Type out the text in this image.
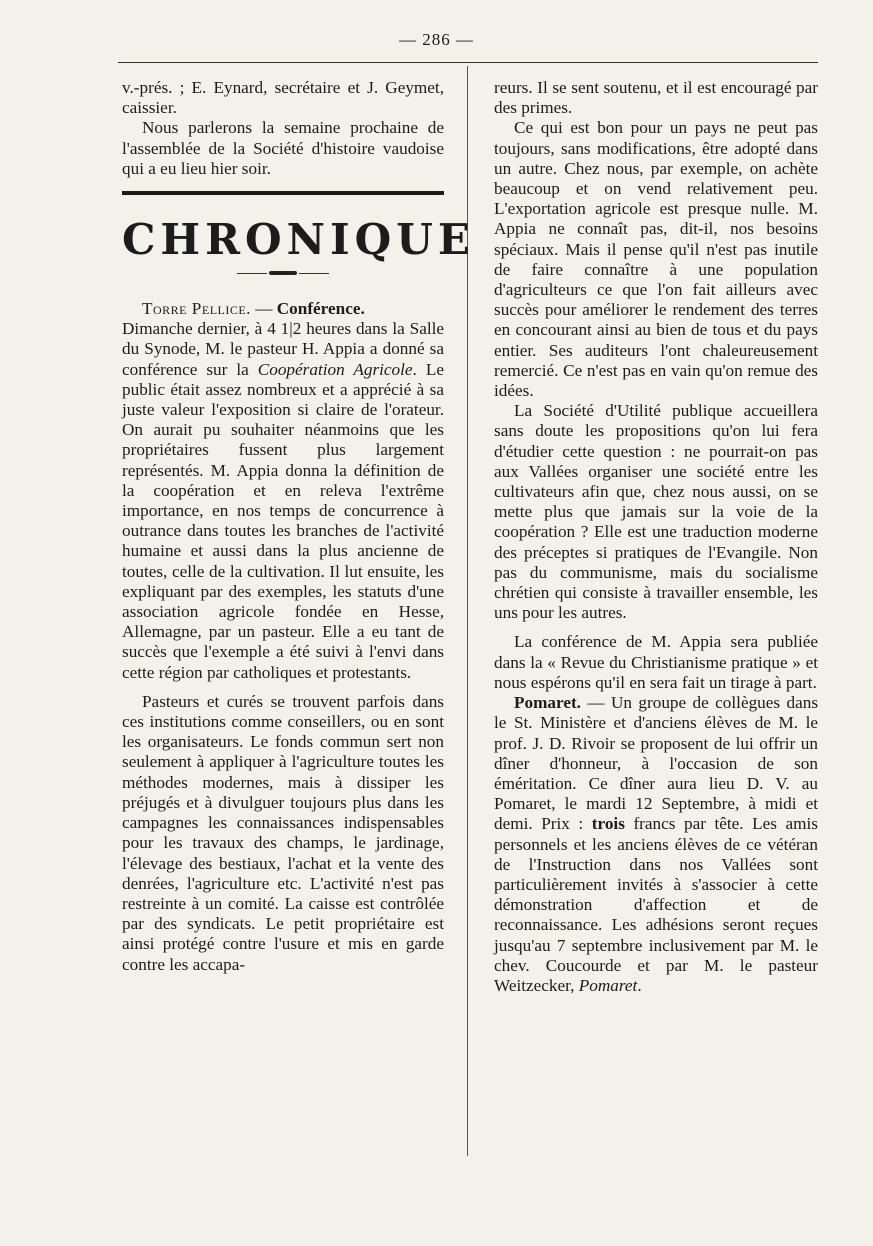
— 286 —

v.-prés. ; E. Eynard, secrétaire et J. Geymet, caissier.

Nous parlerons la semaine prochaine de l'assemblée de la Société d'histoire vaudoise qui a eu lieu hier soir.

CHRONIQUE

Torre Pellice. — Conférence.
Dimanche dernier, à 4 1|2 heures dans la Salle du Synode, M. le pasteur H. Appia a donné sa conférence sur la Coopération Agricole. Le public était assez nombreux et a apprécié à sa juste valeur l'exposition si claire de l'orateur. On aurait pu souhaiter néanmoins que les propriétaires fussent plus largement représentés. M. Appia donna la définition de la coopération et en releva l'extrême importance, en nos temps de concurrence à outrance dans toutes les branches de l'activité humaine et aussi dans la plus ancienne de toutes, celle de la cultivation. Il lut ensuite, les expliquant par des exemples, les statuts d'une association agricole fondée en Hesse, Allemagne, par un pasteur. Elle a eu tant de succès que l'exemple a été suivi à l'envi dans cette région par catholiques et protestants.

Pasteurs et curés se trouvent parfois dans ces institutions comme conseillers, ou en sont les organisateurs. Le fonds commun sert non seulement à appliquer à l'agriculture toutes les méthodes modernes, mais à dissiper les préjugés et à divulguer toujours plus dans les campagnes les connaissances indispensables pour les travaux des champs, le jardinage, l'élevage des bestiaux, l'achat et la vente des denrées, l'agriculture etc. L'activité n'est pas restreinte à un comité. La caisse est contrôlée par des syndicats. Le petit propriétaire est ainsi protégé contre l'usure et mis en garde contre les accapa-

reurs. Il se sent soutenu, et il est encouragé par des primes.

Ce qui est bon pour un pays ne peut pas toujours, sans modifications, être adopté dans un autre. Chez nous, par exemple, on achète beaucoup et on vend relativement peu. L'exportation agricole est presque nulle. M. Appia ne connaît pas, dit-il, nos besoins spéciaux. Mais il pense qu'il n'est pas inutile de faire connaître à une population d'agriculteurs ce que l'on fait ailleurs avec succès pour améliorer le rendement des terres en concourant ainsi au bien de tous et du pays entier. Ses auditeurs l'ont chaleureusement remercié. Ce n'est pas en vain qu'on remue des idées.

La Société d'Utilité publique accueillera sans doute les propositions qu'on lui fera d'étudier cette question : ne pourrait-on pas aux Vallées organiser une société entre les cultivateurs afin que, chez nous aussi, on se mette plus que jamais sur la voie de la coopération ? Elle est une traduction moderne des préceptes si pratiques de l'Evangile. Non pas du communisme, mais du socialisme chrétien qui consiste à travailler ensemble, les uns pour les autres.

La conférence de M. Appia sera publiée dans la « Revue du Christianisme pratique » et nous espérons qu'il en sera fait un tirage à part.

Pomaret. — Un groupe de collègues dans le St. Ministère et d'anciens élèves de M. le prof. J. D. Rivoir se proposent de lui offrir un dîner d'honneur, à l'occasion de son éméritation. Ce dîner aura lieu D. V. au Pomaret, le mardi 12 Septembre, à midi et demi. Prix : trois francs par tête. Les amis personnels et les anciens élèves de ce vétéran de l'Instruction dans nos Vallées sont particulièrement invités à s'associer à cette démonstration d'affection et de reconnaissance. Les adhésions seront reçues jusqu'au 7 septembre inclusivement par M. le chev. Coucourde et par M. le pasteur Weitzecker, Pomaret.
